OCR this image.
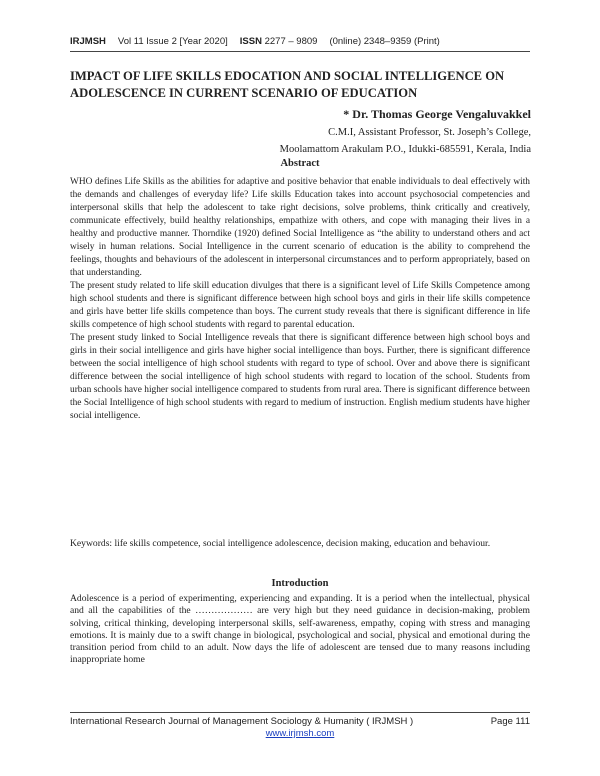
IRJMSH Vol 11 Issue 2 [Year 2020] ISSN 2277 – 9809 (0nline) 2348–9359 (Print)
IMPACT OF LIFE SKILLS EDOCATION AND SOCIAL INTELLIGENCE ON ADOLESCENCE IN CURRENT SCENARIO OF EDUCATION
* Dr. Thomas George Vengaluvakkel
C.M.I, Assistant Professor, St. Joseph’s College,
Moolamattom Arakulam P.O., Idukki-685591, Kerala, India
Abstract

WHO defines Life Skills as the abilities for adaptive and positive behavior that enable individuals to deal effectively with the demands and challenges of everyday life? Life skills Education takes into account psychosocial competencies and interpersonal skills that help the adolescent to take right decisions, solve problems, think critically and creatively, communicate effectively, build healthy relationships, empathize with others, and cope with managing their lives in a healthy and productive manner. Thorndike (1920) defined Social Intelligence as “the ability to understand others and act wisely in human relations. Social Intelligence in the current scenario of education is the ability to comprehend the feelings, thoughts and behaviours of the adolescent in interpersonal circumstances and to perform appropriately, based on that understanding.

The present study related to life skill education divulges that there is a significant level of Life Skills Competence among high school students and there is significant difference between high school boys and girls in their life skills competence and girls have better life skills competence than boys. The current study reveals that there is significant difference in life skills competence of high school students with regard to parental education.

The present study linked to Social Intelligence reveals that there is significant difference between high school boys and girls in their social intelligence and girls have higher social intelligence than boys. Further, there is significant difference between the social intelligence of high school students with regard to type of school. Over and above there is significant difference between the social intelligence of high school students with regard to location of the school. Students from urban schools have higher social intelligence compared to students from rural area. There is significant difference between the Social Intelligence of high school students with regard to medium of instruction. English medium students have higher social intelligence.

Keywords: life skills competence, social intelligence adolescence, decision making, education and behaviour.
Introduction

Adolescence is a period of experimenting, experiencing and expanding. It is a period when the intellectual, physical and all the capabilities of the ……………… are very high but they need guidance in decision-making, problem solving, critical thinking, developing interpersonal skills, self-awareness, empathy, coping with stress and managing emotions. It is mainly due to a swift change in biological, psychological and social, physical and emotional during the transition period from child to an adult. Now days the life of adolescent are tensed due to many reasons including inappropriate home

International Research Journal of Management Sociology & Humanity ( IRJMSH )	Page 111
www.irjmsh.com
